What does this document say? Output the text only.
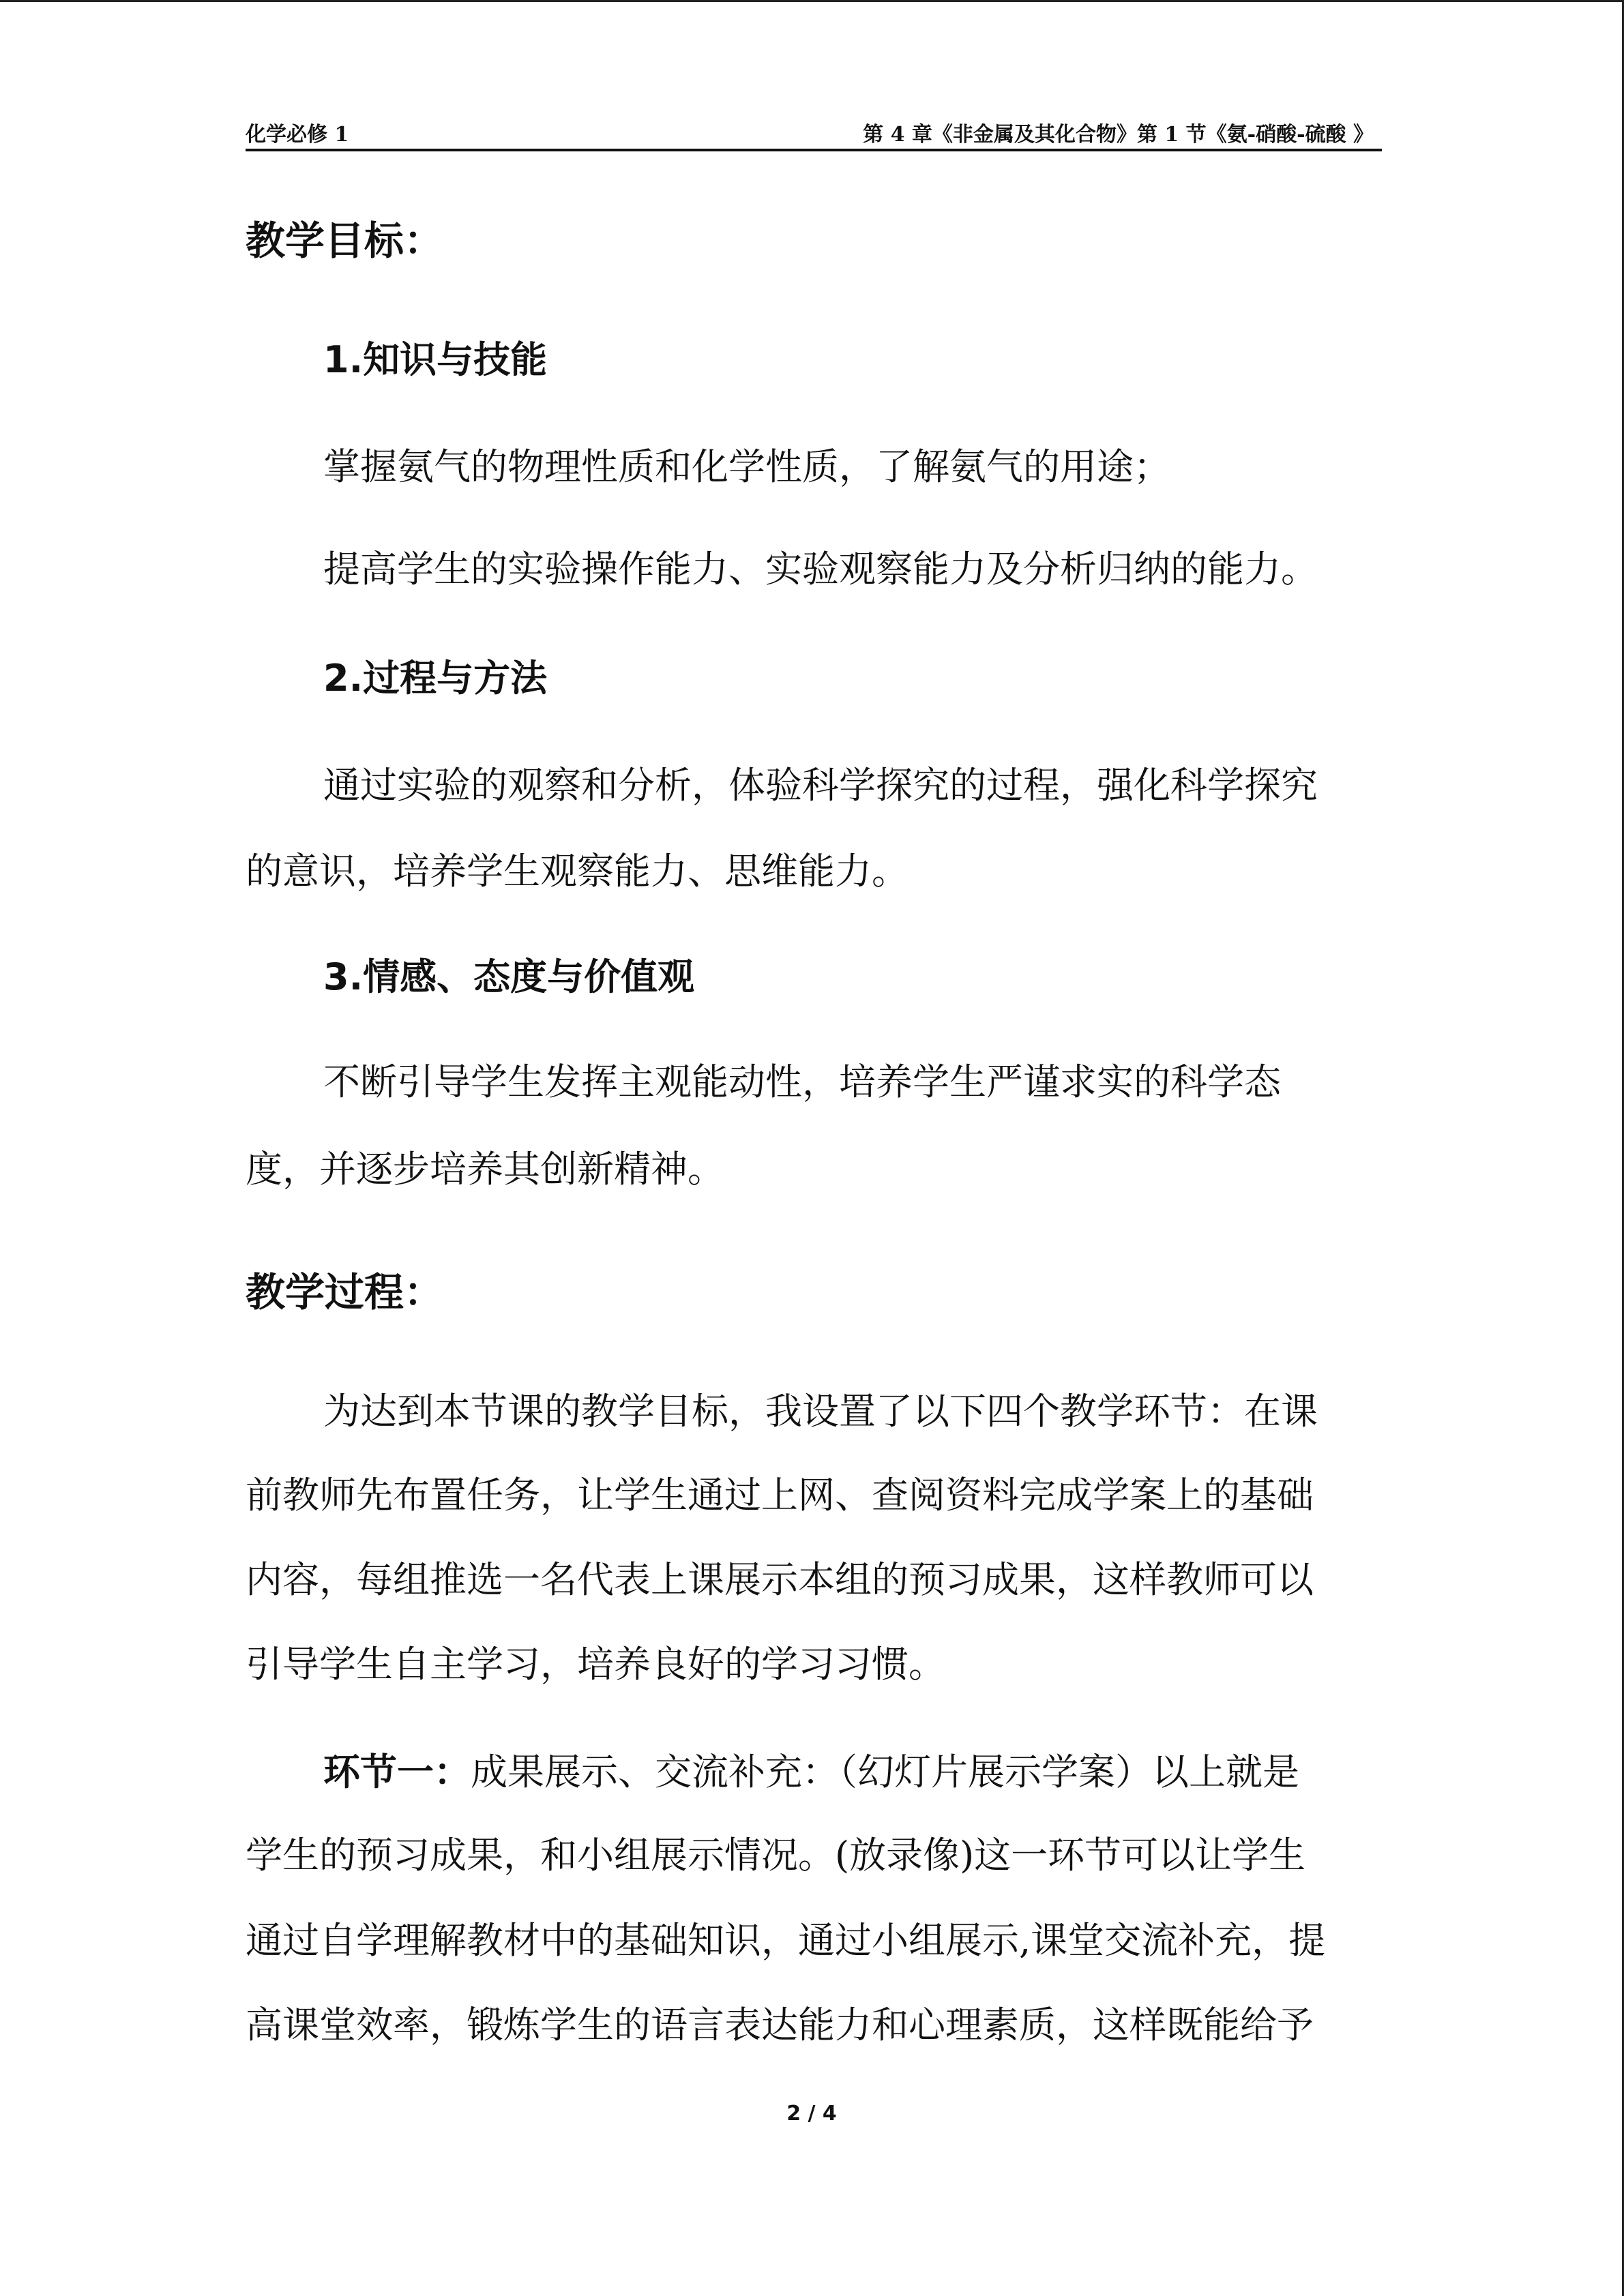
化学必修 1	第 4 章《非金属及其化合物》第 1 节《氨-硝酸-硫酸 》
教学目标：
1.知识与技能
掌握氨气的物理性质和化学性质，了解氨气的用途；
提高学生的实验操作能力、实验观察能力及分析归纳的能力。
2.过程与方法
通过实验的观察和分析，体验科学探究的过程，强化科学探究
的意识，培养学生观察能力、思维能力。
3.情感、态度与价值观
不断引导学生发挥主观能动性，培养学生严谨求实的科学态
度，并逐步培养其创新精神。
教学过程：
为达到本节课的教学目标，我设置了以下四个教学环节：在课
前教师先布置任务，让学生通过上网、查阅资料完成学案上的基础
内容，每组推选一名代表上课展示本组的预习成果，这样教师可以
引导学生自主学习，培养良好的学习习惯。
环节一：成果展示、交流补充：（幻灯片展示学案）以上就是
学生的预习成果，和小组展示情况。(放录像)这一环节可以让学生
通过自学理解教材中的基础知识，通过小组展示,课堂交流补充，提
高课堂效率，锻炼学生的语言表达能力和心理素质，这样既能给予
2 / 4
